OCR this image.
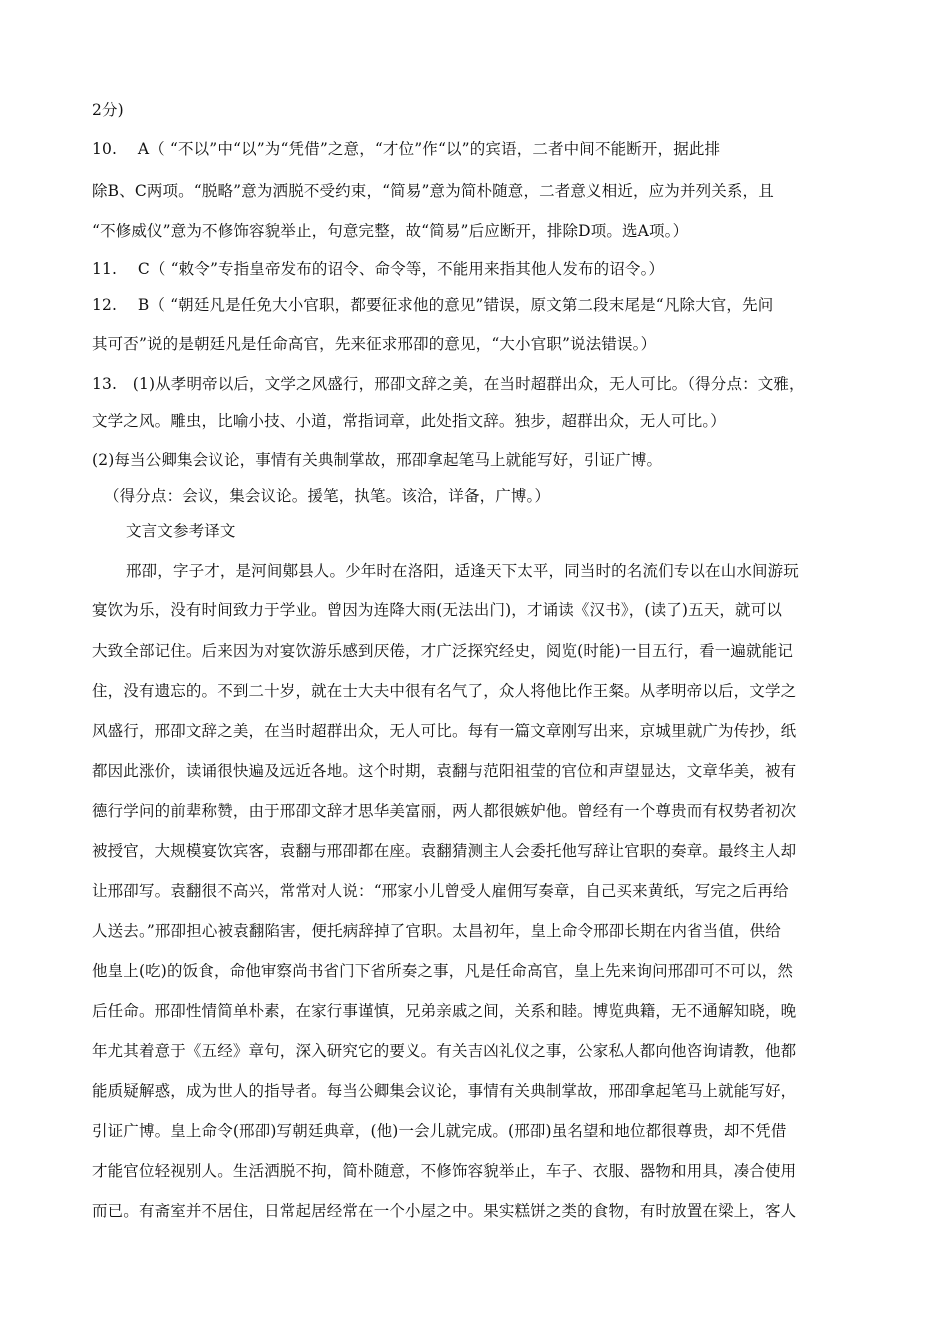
2分)
10.　 A（ “不以”中“以”为“凭借”之意，“才位”作“以”的宾语，二者中间不能断开，据此排
除B、C两项。“脱略”意为洒脱不受约束，“简易”意为简朴随意，二者意义相近，应为并列关系，且
“不修威仪”意为不修饰容貌举止，句意完整，故“简易”后应断开，排除D项。选A项。）
11.　 C（ “敕令”专指皇帝发布的诏令、命令等，不能用来指其他人发布的诏令。）
12.　 B（ “朝廷凡是任免大小官职，都要征求他的意见”错误，原文第二段末尾是“凡除大官，先问
其可否”说的是朝廷凡是任命高官，先来征求邢卲的意见，“大小官职”说法错误。）
13.　(1)从孝明帝以后，文学之风盛行，邢卲文辞之美，在当时超群出众，无人可比。（得分点：文雅，
文学之风。雕虫，比喻小技、小道，常指词章，此处指文辞。独步，超群出众，无人可比。）
(2)每当公卿集会议论，事情有关典制掌故，邢卲拿起笔马上就能写好，引证广博。
（得分点：会议，集会议论。援笔，执笔。该洽，详备，广博。）
文言文参考译文
邢卲，字子才，是河间鄚县人。少年时在洛阳，适逢天下太平，同当时的名流们专以在山水间游玩
宴饮为乐，没有时间致力于学业。曾因为连降大雨(无法出门)，才诵读《汉书》，(读了)五天，就可以
大致全部记住。后来因为对宴饮游乐感到厌倦，才广泛探究经史，阅览(时能)一目五行，看一遍就能记
住，没有遗忘的。不到二十岁，就在士大夫中很有名气了，众人将他比作王粲。从孝明帝以后，文学之
风盛行，邢卲文辞之美，在当时超群出众，无人可比。每有一篇文章刚写出来，京城里就广为传抄，纸
都因此涨价，读诵很快遍及远近各地。这个时期，袁翻与范阳祖莹的官位和声望显达，文章华美，被有
德行学问的前辈称赞，由于邢卲文辞才思华美富丽，两人都很嫉妒他。曾经有一个尊贵而有权势者初次
被授官，大规模宴饮宾客，袁翻与邢卲都在座。袁翻猜测主人会委托他写辞让官职的奏章。最终主人却
让邢卲写。袁翻很不高兴，常常对人说：“邢家小儿曾受人雇佣写奏章，自己买来黄纸，写完之后再给
人送去。”邢卲担心被袁翻陷害，便托病辞掉了官职。太昌初年，皇上命令邢卲长期在内省当值，供给
他皇上(吃)的饭食，命他审察尚书省门下省所奏之事，凡是任命高官，皇上先来询问邢卲可不可以，然
后任命。邢卲性情简单朴素，在家行事谨慎，兄弟亲戚之间，关系和睦。博览典籍，无不通解知晓，晚
年尤其着意于《五经》章句，深入研究它的要义。有关吉凶礼仪之事，公家私人都向他咨询请教，他都
能质疑解惑，成为世人的指导者。每当公卿集会议论，事情有关典制掌故，邢卲拿起笔马上就能写好，
引证广博。皇上命令(邢卲)写朝廷典章，(他)一会儿就完成。(邢卲)虽名望和地位都很尊贵，却不凭借
才能官位轻视别人。生活洒脱不拘，简朴随意，不修饰容貌举止，车子、衣服、器物和用具，凑合使用
而已。有斋室并不居住，日常起居经常在一个小屋之中。果实糕饼之类的食物，有时放置在梁上，客人
